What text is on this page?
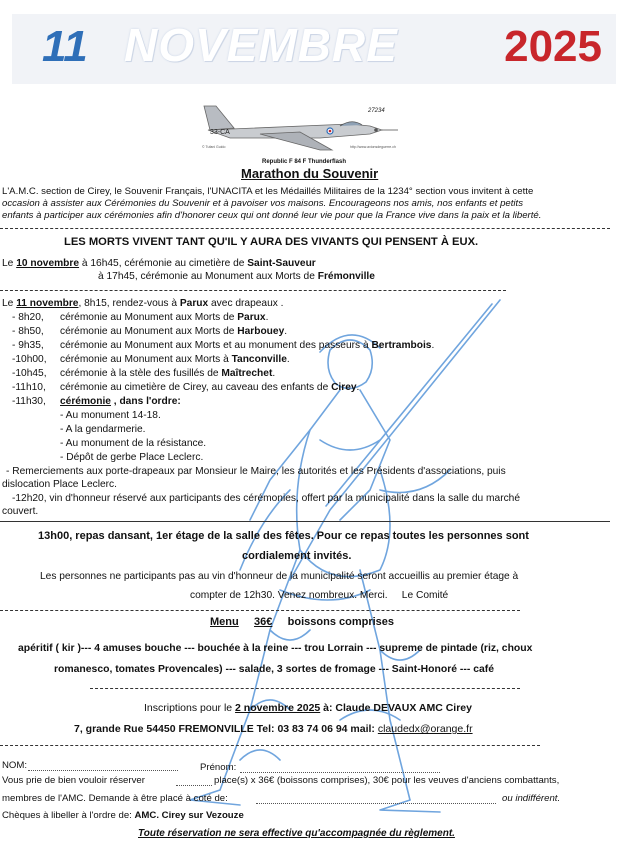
11 NOVEMBRE 2025
27234
33-CA
© Tufani Guido	http://www.avionsdeguerre.ch
Republic F 84 F Thunderflash
Marathon du Souvenir
L'A.M.C. section de Cirey, le Souvenir Français, l'UNACITA et les Médaillés Militaires de la 1234° section vous invitent à cette
occasion à assister aux Cérémonies du Souvenir et à pavoiser vos maisons. Encourageons nos amis, nos enfants et petits
enfants à participer aux cérémonies afin d'honorer ceux qui ont donné leur vie pour que la France vive dans la paix et la liberté.
LES MORTS VIVENT TANT QU'IL Y AURA DES VIVANTS QUI PENSENT À EUX.
Le 10 novembre à 16h45, cérémonie au cimetière de Saint-Sauveur
à 17h45, cérémonie au Monument aux Morts de Frémonville
Le 11 novembre, 8h15, rendez-vous à Parux avec drapeaux .
- 8h20, cérémonie au Monument aux Morts de Parux.
- 8h50, cérémonie au Monument aux Morts de Harbouey.
- 9h35, cérémonie au Monument aux Morts et au monument des passeurs à Bertrambois.
-10h00, cérémonie au Monument aux Morts à Tanconville.
-10h45, cérémonie à la stèle des fusillés de Maîtrechet.
-11h10, cérémonie au cimetière de Cirey, au caveau des enfants de Cirey.
-11h30, cérémonie , dans l'ordre:
- Au monument 14-18.
- A la gendarmerie.
- Au monument de la résistance.
- Dépôt de gerbe Place Leclerc.
- Remerciements aux porte-drapeaux par Monsieur le Maire, les autorités et les Présidents d'associations, puis
dislocation Place Leclerc.
-12h20, vin d'honneur réservé aux participants des cérémonies, offert par la municipalité dans la salle du marché
couvert.
13h00, repas dansant, 1er étage de la salle des fêtes. Pour ce repas toutes les personnes sont
cordialement invités.
Les personnes ne participants pas au vin d'honneur de la municipalité seront accueillis au premier étage à
compter de 12h30. Venez nombreux. Merci. Le Comité
Menu 36€ boissons comprises
apéritif ( kir )--- 4 amuses bouche --- bouchée à la reine --- trou Lorrain --- supreme de pintade (riz, choux
romanesco, tomates Provencales) --- salade, 3 sortes de fromage --- Saint-Honoré --- café
Inscriptions pour le 2 novembre 2025 à: Claude DEVAUX AMC Cirey
7, grande Rue 54450 FREMONVILLE Tel: 03 83 74 06 94 mail: claudedx@orange.fr
NOM:	Prénom:
Vous prie de bien vouloir réserver	place(s) x 36€ (boissons comprises), 30€ pour les veuves d'anciens combattants,
membres de l'AMC. Demande à être placé à coté de:	ou indifférent.
Chèques à libeller à l'ordre de: AMC. Cirey sur Vezouze
Toute réservation ne sera effective qu'accompagnée du règlement.
